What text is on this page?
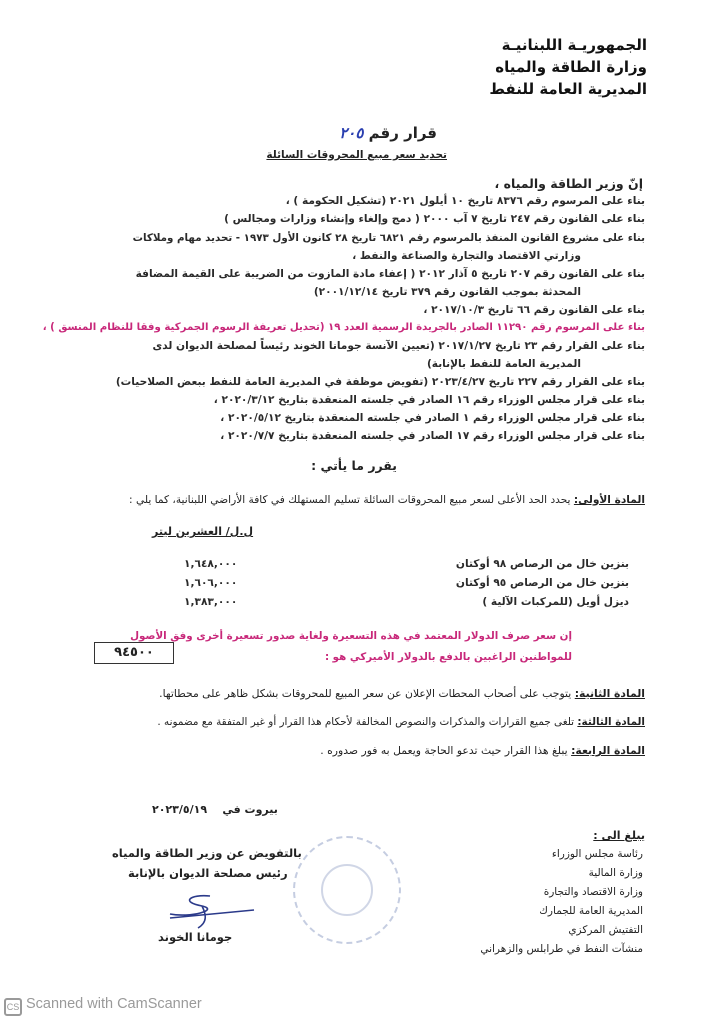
الجمهوريـة اللبنانيـة
وزارة الطاقة والمياه
المديرية العامة للنفط
قرار رقم ٢٠٥
تحديد سعر مبيع المحروقات السائلة
إنّ وزير الطاقة والمياه ،
بناء على المرسوم رقم ٨٣٧٦ تاريخ ١٠ أيلول ٢٠٢١ (تشكيل الحكومة ) ،
بناء على القانون رقم ٢٤٧ تاريخ ٧ آب ٢٠٠٠ ( دمج وإلغاء وإنشاء وزارات ومجالس )
بناء على مشروع القانون المنفذ بالمرسوم رقم ٦٨٢١ تاريخ ٢٨ كانون الأول ١٩٧٣ - تحديد مهام وملاكات
وزارتي الاقتصاد والتجارة والصناعة والنفط ،
بناء على القانون رقم ٢٠٧ تاريخ ٥ آذار ٢٠١٢ ( إعفاء مادة المازوت من الضريبة على القيمة المضافة
المحدثة بموجب القانون رقم ٣٧٩ تاريخ ٢٠٠١/١٢/١٤)
بناء على القانون رقم ٦٦ تاريخ ٢٠١٧/١٠/٣ ،
بناء على المرسوم رقم ١١٢٩٠ الصادر بالجريدة الرسمية العدد ١٩ (تحديل تعريفة الرسوم الجمركية وفقا للنظام المنسق ) ،
بناء على القرار رقم ٢٣ تاريخ ٢٠١٧/١/٢٧ (تعيين الآنسة جومانا الخوند رئيساً لمصلحة الديوان لدى
المديرية العامة للنفط بالإنابة)
بناء على القرار رقم ٢٢٧ تاريخ ٢٠٢٣/٤/٢٧ (تفويض موظفة في المديرية العامة للنفط ببعض الصلاحيات)
بناء على قرار مجلس الوزراء رقم ١٦ الصادر في جلسته المنعقدة بتاريخ ٢٠٢٠/٣/١٢ ،
بناء على قرار مجلس الوزراء رقم ١ الصادر في جلسته المنعقدة بتاريخ ٢٠٢٠/٥/١٢ ،
بناء على قرار مجلس الوزراء رقم ١٧ الصادر في جلسته المنعقدة بتاريخ ٢٠٢٠/٧/٧ ،
يقرر ما يأتي :
المادة الأولى: يحدد الحد الأعلى لسعر مبيع المحروقات السائلة تسليم المستهلك في كافة الأراضي اللبنانية، كما يلي :
ل.ل/ العشرين ليتر
بنزين خال من الرصاص ٩٨ أوكتان
١,٦٤٨,٠٠٠
بنزين خال من الرصاص ٩٥ أوكتان
١,٦٠٦,٠٠٠
ديزل أويل (للمركبات الآلية )
١,٣٨٣,٠٠٠
إن سعر صرف الدولار المعتمد في هذه التسعيرة ولغاية صدور تسعيرة أخرى وفق الأصول
للمواطنين الراغبين بالدفع بالدولار الأميركي هو :
٩٤٥٠٠
المادة الثانية: يتوجب على أصحاب المحطات الإعلان عن سعر المبيع للمحروقات بشكل ظاهر على محطاتها.
المادة الثالثة: تلغى جميع القرارات والمذكرات والنصوص المخالفة لأحكام هذا القرار أو غير المتفقة مع مضمونه .
المادة الرابعة: يبلغ هذا القرار حيث تدعو الحاجة ويعمل به فور صدوره .
بيروت في    ٢٠٢٣/٥/١٩
بالتفويض عن وزير الطاقة والمياه
رئيس مصلحة الديوان بالإنابة
جومانا الخوند
يبلغ الى :
رئاسة مجلس الوزراء
وزارة المالية
وزارة الاقتصاد والتجارة
المديرية العامة للجمارك
التفتيش المركزي
منشآت النفط في طرابلس والزهراني
CS Scanned with CamScanner
